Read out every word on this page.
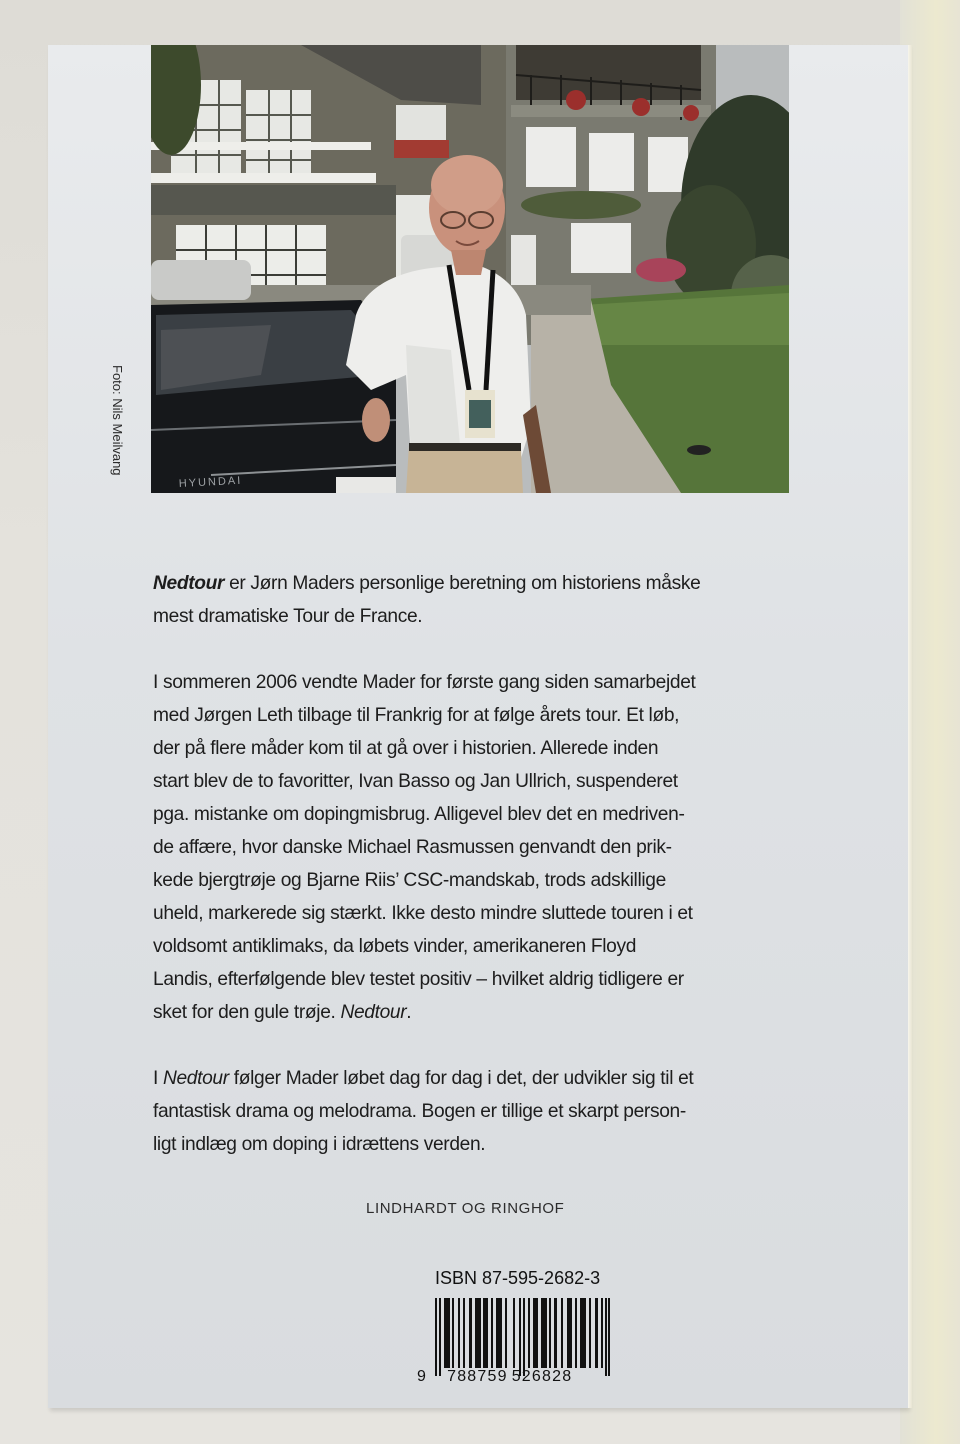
HYUNDAI
Foto: Nils Meilvang

Nedtour er Jørn Maders personlige beretning om historiens måske
mest dramatiske Tour de France.

I sommeren 2006 vendte Mader for første gang siden samarbejdet
med Jørgen Leth tilbage til Frankrig for at følge årets tour. Et løb,
der på flere måder kom til at gå over i historien. Allerede inden
start blev de to favoritter, Ivan Basso og Jan Ullrich, suspenderet
pga. mistanke om dopingmisbrug. Alligevel blev det en medriven-
de affære, hvor danske Michael Rasmussen genvandt den prik-
kede bjergtrøje og Bjarne Riis’ CSC-mandskab, trods adskillige
uheld, markerede sig stærkt. Ikke desto mindre sluttede touren i et
voldsomt antiklimaks, da løbets vinder, amerikaneren Floyd
Landis, efterfølgende blev testet positiv – hvilket aldrig tidligere er
sket for den gule trøje. Nedtour.

I Nedtour følger Mader løbet dag for dag i det, der udvikler sig til et
fantastisk drama og melodrama. Bogen er tillige et skarpt person-
ligt indlæg om doping i idrættens verden.

LINDHARDT OG RINGHOF
ISBN 87-595-2682-3
9 788759 526828
